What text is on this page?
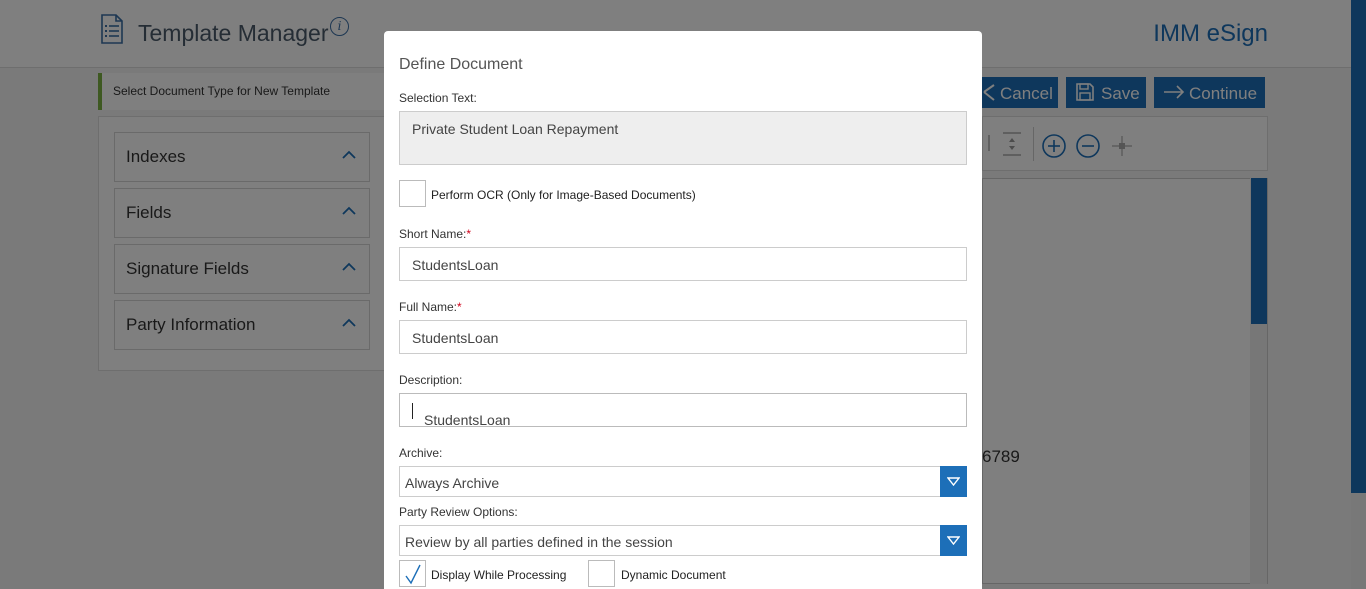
Define Document
Selection Text:
Private Student Loan Repayment
Perform OCR (Only for Image-Based Documents)
Short Name:*
StudentsLoan
Full Name:*
StudentsLoan
Description:
StudentsLoan
Archive:
Always Archive
Party Review Options:
Review by all parties defined in the session
Display While Processing	Dynamic Document
